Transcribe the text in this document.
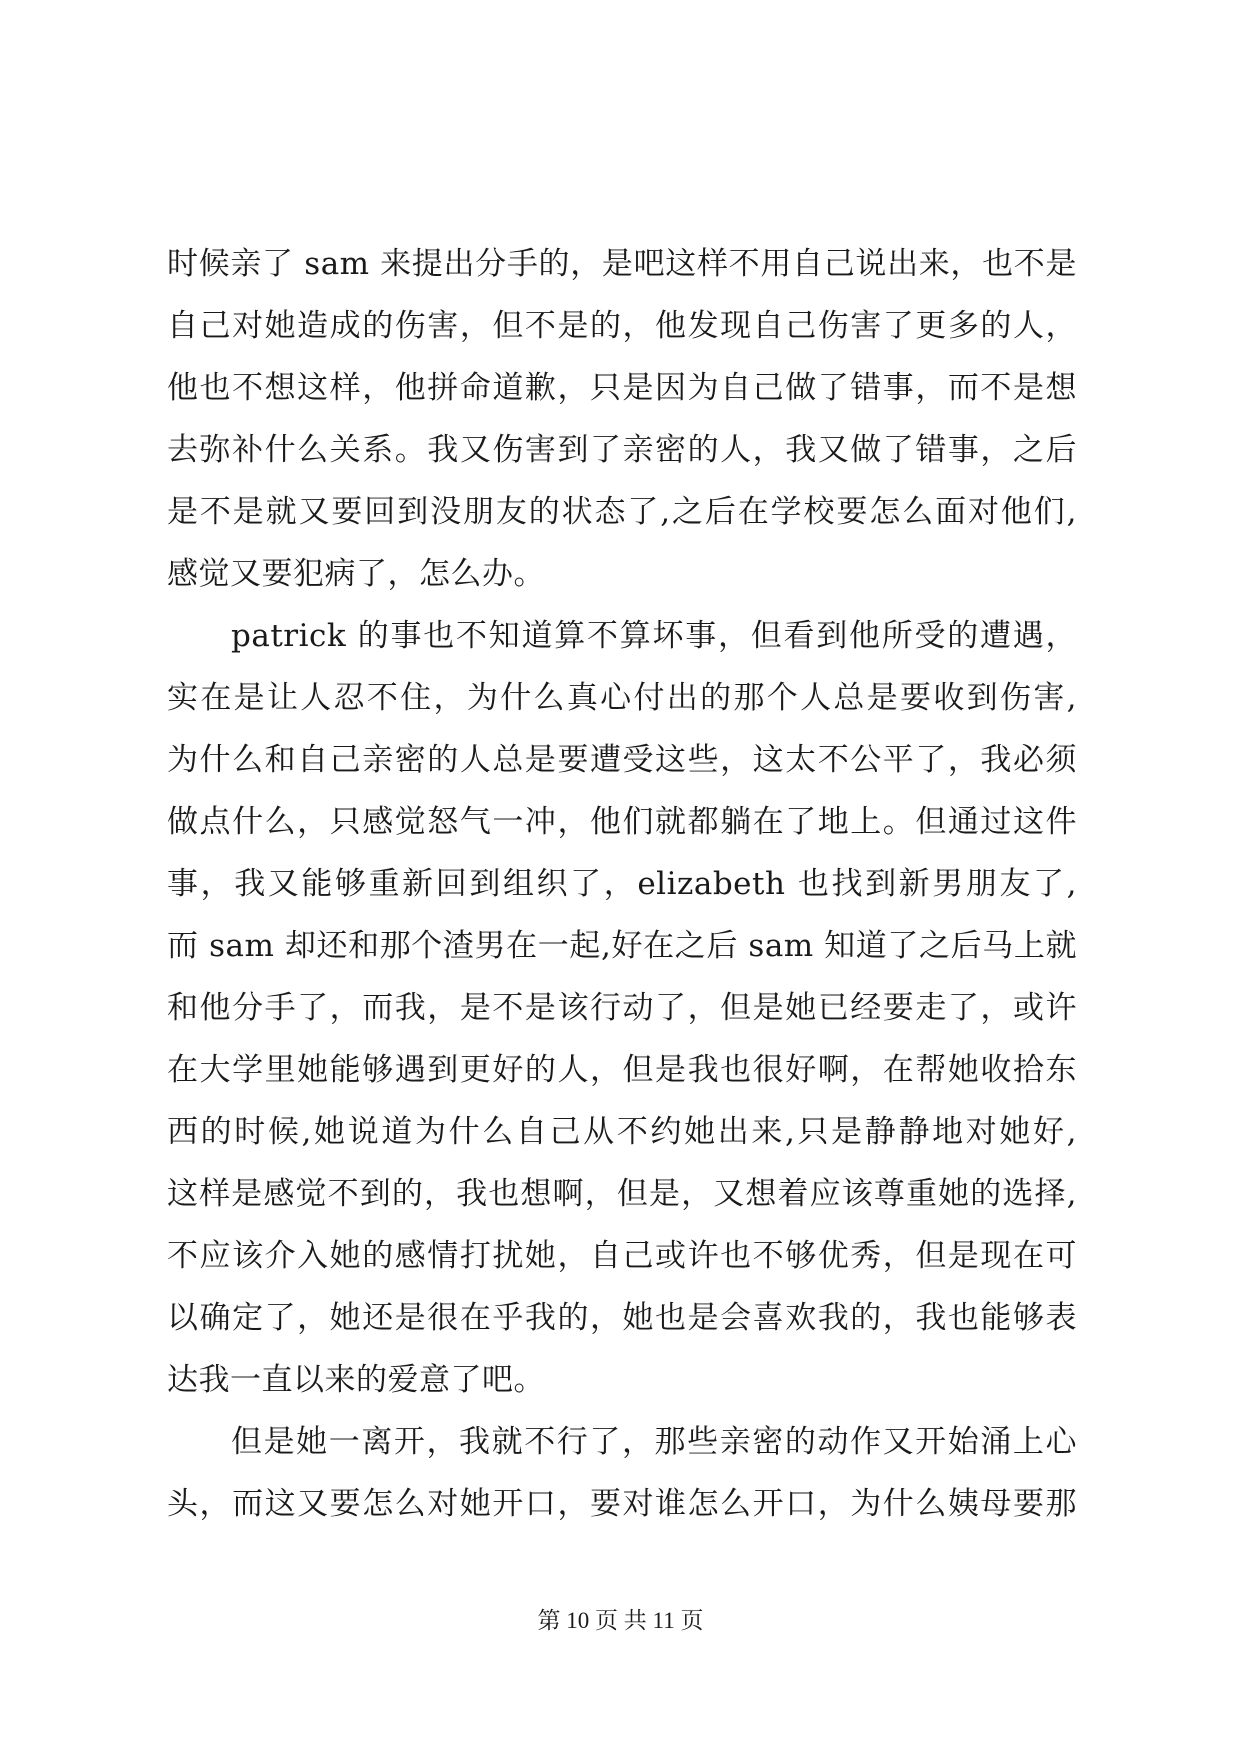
时候亲了 sam 来提出分手的，是吧这样不用自己说出来，也不是
自己对她造成的伤害，但不是的，他发现自己伤害了更多的人，
他也不想这样，他拼命道歉，只是因为自己做了错事，而不是想
去弥补什么关系。我又伤害到了亲密的人，我又做了错事，之后
是不是就又要回到没朋友的状态了,之后在学校要怎么面对他们,
感觉又要犯病了，怎么办。
patrick 的事也不知道算不算坏事，但看到他所受的遭遇，
实在是让人忍不住，为什么真心付出的那个人总是要收到伤害,
为什么和自己亲密的人总是要遭受这些，这太不公平了，我必须
做点什么，只感觉怒气一冲，他们就都躺在了地上。但通过这件
事，我又能够重新回到组织了，elizabeth 也找到新男朋友了,
而 sam 却还和那个渣男在一起,好在之后 sam 知道了之后马上就
和他分手了，而我，是不是该行动了，但是她已经要走了，或许
在大学里她能够遇到更好的人，但是我也很好啊，在帮她收拾东
西的时候,她说道为什么自己从不约她出来,只是静静地对她好,
这样是感觉不到的，我也想啊，但是，又想着应该尊重她的选择,
不应该介入她的感情打扰她，自己或许也不够优秀，但是现在可
以确定了，她还是很在乎我的，她也是会喜欢我的，我也能够表
达我一直以来的爱意了吧。
但是她一离开，我就不行了，那些亲密的动作又开始涌上心
头，而这又要怎么对她开口，要对谁怎么开口，为什么姨母要那
第 10 页 共 11 页
